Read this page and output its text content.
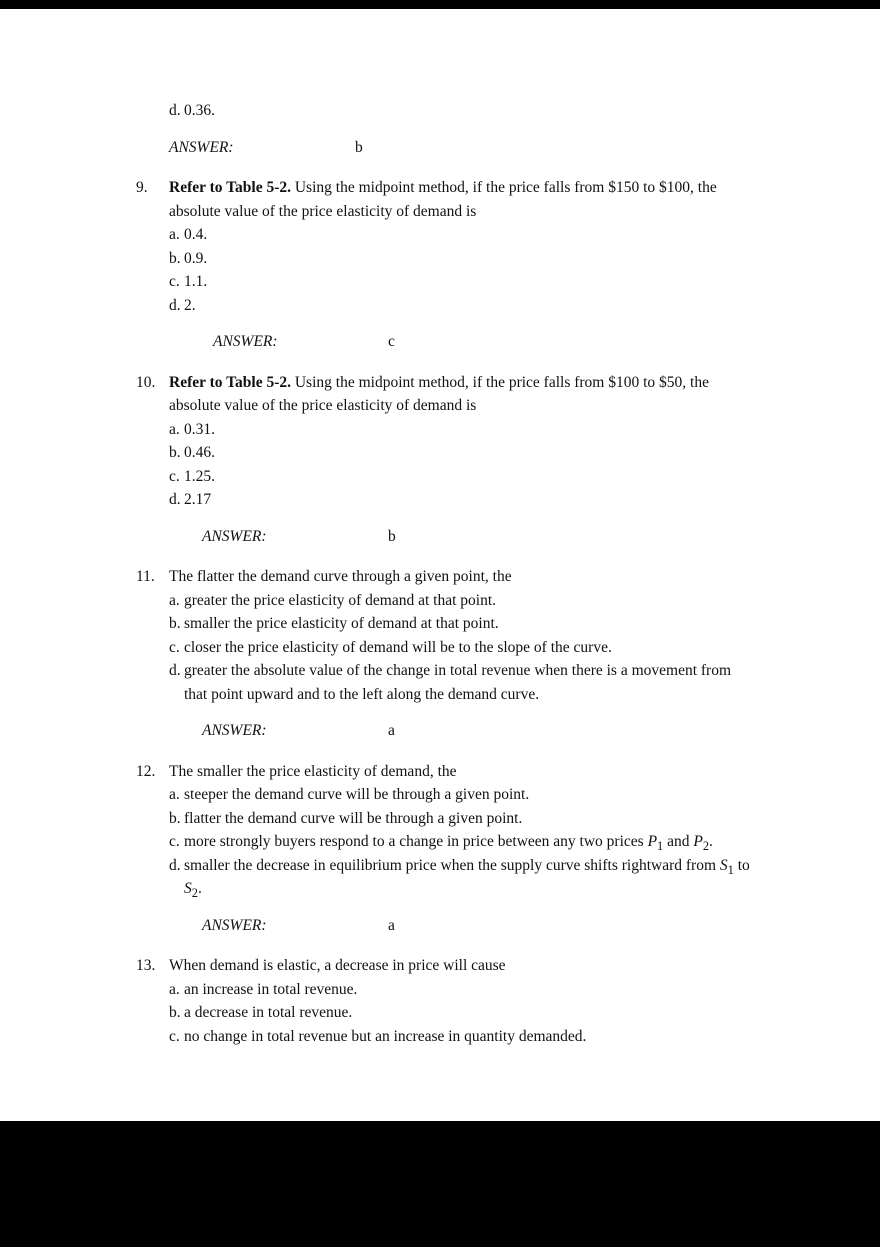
d. 0.36.
ANSWER:	b
9.	Refer to Table 5-2. Using the midpoint method, if the price falls from $150 to $100, the absolute value of the price elasticity of demand is
a. 0.4.
b. 0.9.
c. 1.1.
d. 2.
ANSWER:	c
10. Refer to Table 5-2. Using the midpoint method, if the price falls from $100 to $50, the absolute value of the price elasticity of demand is
a. 0.31.
b. 0.46.
c. 1.25.
d. 2.17
ANSWER:	b
11. The flatter the demand curve through a given point, the
a. greater the price elasticity of demand at that point.
b. smaller the price elasticity of demand at that point.
c. closer the price elasticity of demand will be to the slope of the curve.
d. greater the absolute value of the change in total revenue when there is a movement from that point upward and to the left along the demand curve.
ANSWER:	a
12. The smaller the price elasticity of demand, the
a. steeper the demand curve will be through a given point.
b. flatter the demand curve will be through a given point.
c. more strongly buyers respond to a change in price between any two prices $P_1$ and $P_2$.
d. smaller the decrease in equilibrium price when the supply curve shifts rightward from $S_1$ to $S_2$.
ANSWER:	a
13. When demand is elastic, a decrease in price will cause
a. an increase in total revenue.
b. a decrease in total revenue.
c. no change in total revenue but an increase in quantity demanded.
